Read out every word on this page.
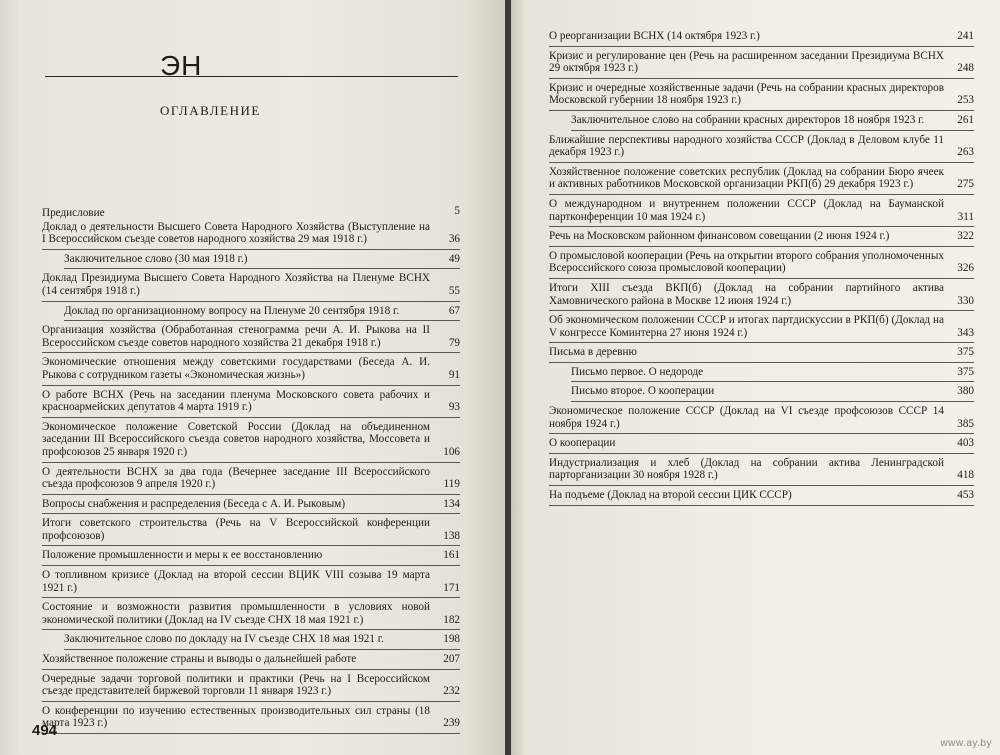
ЭН
ОГЛАВЛЕНИЕ
Предисловие	5
Доклад о деятельности Высшего Совета Народного Хозяйства (Выступление на I Всероссийском съезде советов народного хозяйства 29 мая 1918 г.)	36
Заключительное слово (30 мая 1918 г.)	49
Доклад Президиума Высшего Совета Народного Хозяйства на Пленуме ВСНХ (14 сентября 1918 г.)	55
Доклад по организационному вопросу на Пленуме 20 сентября 1918 г.	67
Организация хозяйства (Обработанная стенограмма речи А. И. Рыкова на II Всероссийском съезде советов народного хозяйства 21 декабря 1918 г.)	79
Экономические отношения между советскими государствами (Беседа А. И. Рыкова с сотрудником газеты «Экономическая жизнь»)	91
О работе ВСНХ (Речь на заседании пленума Московского совета рабочих и красноармейских депутатов 4 марта 1919 г.)	93
Экономическое положение Советской России (Доклад на объединенном заседании III Всероссийского съезда советов народного хозяйства, Моссовета и профсоюзов 25 января 1920 г.)	106
О деятельности ВСНХ за два года (Вечернее заседание III Всероссийского съезда профсоюзов 9 апреля 1920 г.)	119
Вопросы снабжения и распределения (Беседа с А. И. Рыковым)	134
Итоги советского строительства (Речь на V Всероссийской конференции профсоюзов)	138
Положение промышленности и меры к ее восстановлению	161
О топливном кризисе (Доклад на второй сессии ВЦИК VIII созыва 19 марта 1921 г.)	171
Состояние и возможности развития промышленности в условиях новой экономической политики (Доклад на IV съезде СНХ 18 мая 1921 г.)	182
Заключительное слово по докладу на IV съезде СНХ 18 мая 1921 г.	198
Хозяйственное положение страны и выводы о дальнейшей работе	207
Очередные задачи торговой политики и практики (Речь на I Всероссийском съезде представителей биржевой торговли 11 января 1923 г.)	232
О конференции по изучению естественных производительных сил страны (18 марта 1923 г.)	239
494
О реорганизации ВСНХ (14 октября 1923 г.)	241
Кризис и регулирование цен (Речь на расширенном заседании Президиума ВСНХ 29 октября 1923 г.)	248
Кризис и очередные хозяйственные задачи (Речь на собрании красных директоров Московской губернии 18 ноября 1923 г.)	253
Заключительное слово на собрании красных директоров 18 ноября 1923 г.	261
Ближайшие перспективы народного хозяйства СССР (Доклад в Деловом клубе 11 декабря 1923 г.)	263
Хозяйственное положение советских республик (Доклад на собрании Бюро ячеек и активных работников Московской организации РКП(б) 29 декабря 1923 г.)	275
О международном и внутреннем положении СССР (Доклад на Бауманской партконференции 10 мая 1924 г.)	311
Речь на Московском районном финансовом совещании (2 июня 1924 г.)	322
О промысловой кооперации (Речь на открытии второго собрания уполномоченных Всероссийского союза промысловой кооперации)	326
Итоги XIII съезда ВКП(б) (Доклад на собрании партийного актива Хамовнического района в Москве 12 июня 1924 г.)	330
Об экономическом положении СССР и итогах партдискуссии в РКП(б) (Доклад на V конгрессе Коминтерна 27 июня 1924 г.)	343
Письма в деревню	375
Письмо первое. О недороде	375
Письмо второе. О кооперации	380
Экономическое положение СССР (Доклад на VI съезде профсоюзов СССР 14 ноября 1924 г.)	385
О кооперации	403
Индустриализация и хлеб (Доклад на собрании актива Ленинградской парторганизации 30 ноября 1928 г.)	418
На подъеме (Доклад на второй сессии ЦИК СССР)	453
www.ay.by
